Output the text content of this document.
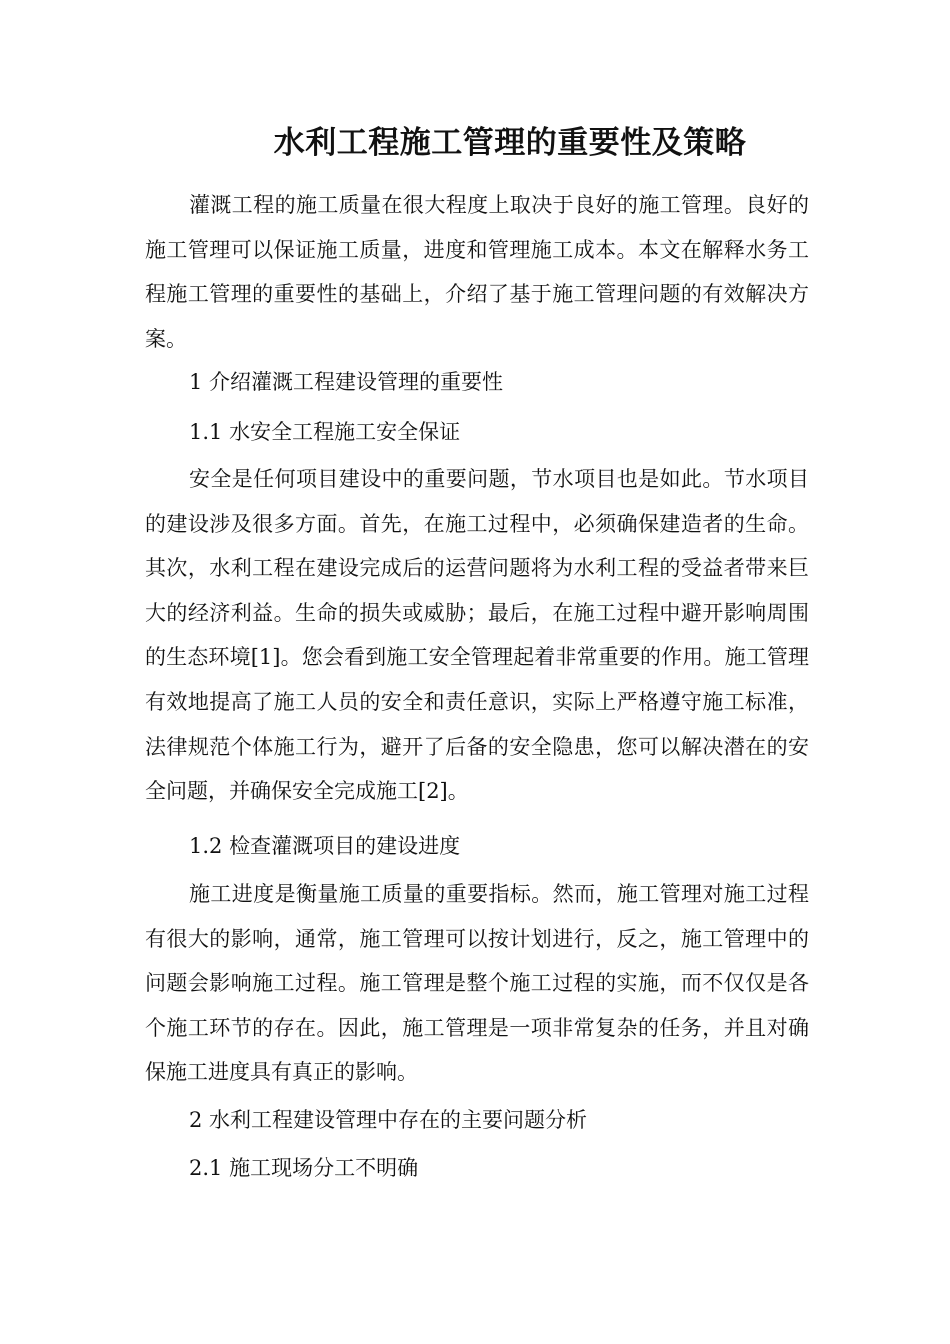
水利工程施工管理的重要性及策略

灌溉工程的施工质量在很大程度上取决于良好的施工管理。良好的施工管理可以保证施工质量，进度和管理施工成本。本文在解释水务工程施工管理的重要性的基础上，介绍了基于施工管理问题的有效解决方案。

1 介绍灌溉工程建设管理的重要性

1.1 水安全工程施工安全保证

安全是任何项目建设中的重要问题，节水项目也是如此。节水项目的建设涉及很多方面。首先，在施工过程中，必须确保建造者的生命。其次，水利工程在建设完成后的运营问题将为水利工程的受益者带来巨大的经济利益。生命的损失或威胁；最后，在施工过程中避开影响周围的生态环境[1]。您会看到施工安全管理起着非常重要的作用。施工管理有效地提高了施工人员的安全和责任意识，实际上严格遵守施工标准，法律规范个体施工行为，避开了后备的安全隐患，您可以解决潜在的安全问题，并确保安全完成施工[2]。

1.2 检查灌溉项目的建设进度

施工进度是衡量施工质量的重要指标。然而，施工管理对施工过程有很大的影响，通常，施工管理可以按计划进行，反之，施工管理中的问题会影响施工过程。施工管理是整个施工过程的实施，而不仅仅是各个施工环节的存在。因此，施工管理是一项非常复杂的任务，并且对确保施工进度具有真正的影响。

2 水利工程建设管理中存在的主要问题分析

2.1 施工现场分工不明确
